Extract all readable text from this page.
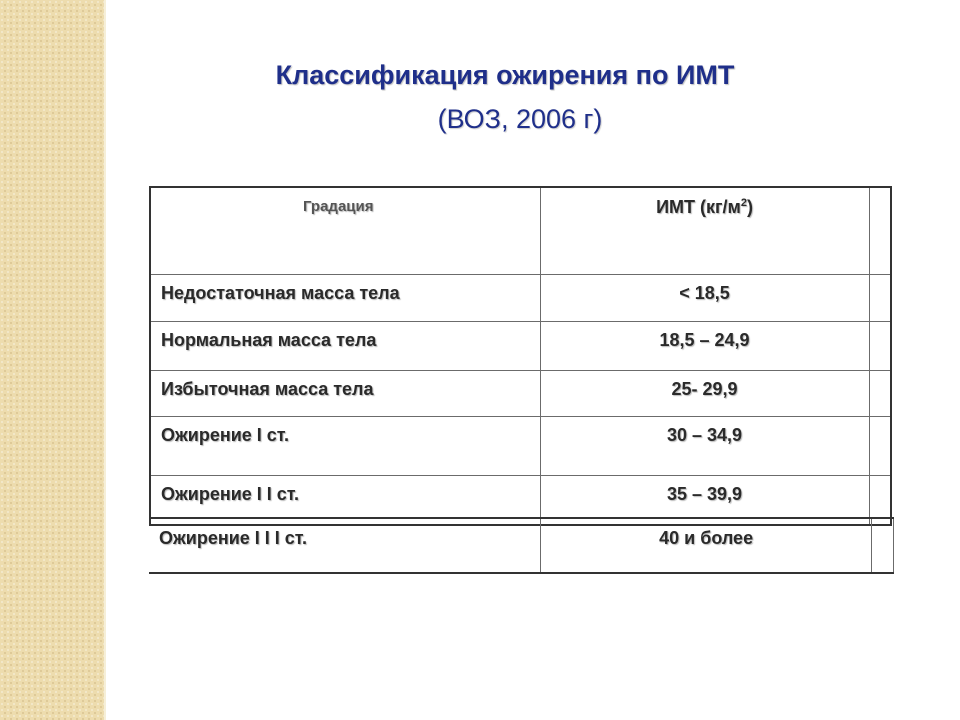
Классификация ожирения по ИМТ
(ВОЗ, 2006 г)
Градация	ИМТ $(кг/м^2)$	
Недостаточная масса тела	< 18,5	
Нормальная масса тела	18,5 – 24,9	
Избыточная масса тела	25- 29,9	
Ожирение I ст.	30 – 34,9	
Ожирение I I ст.	35 – 39,9	
Ожирение I I I ст.	40 и более	
